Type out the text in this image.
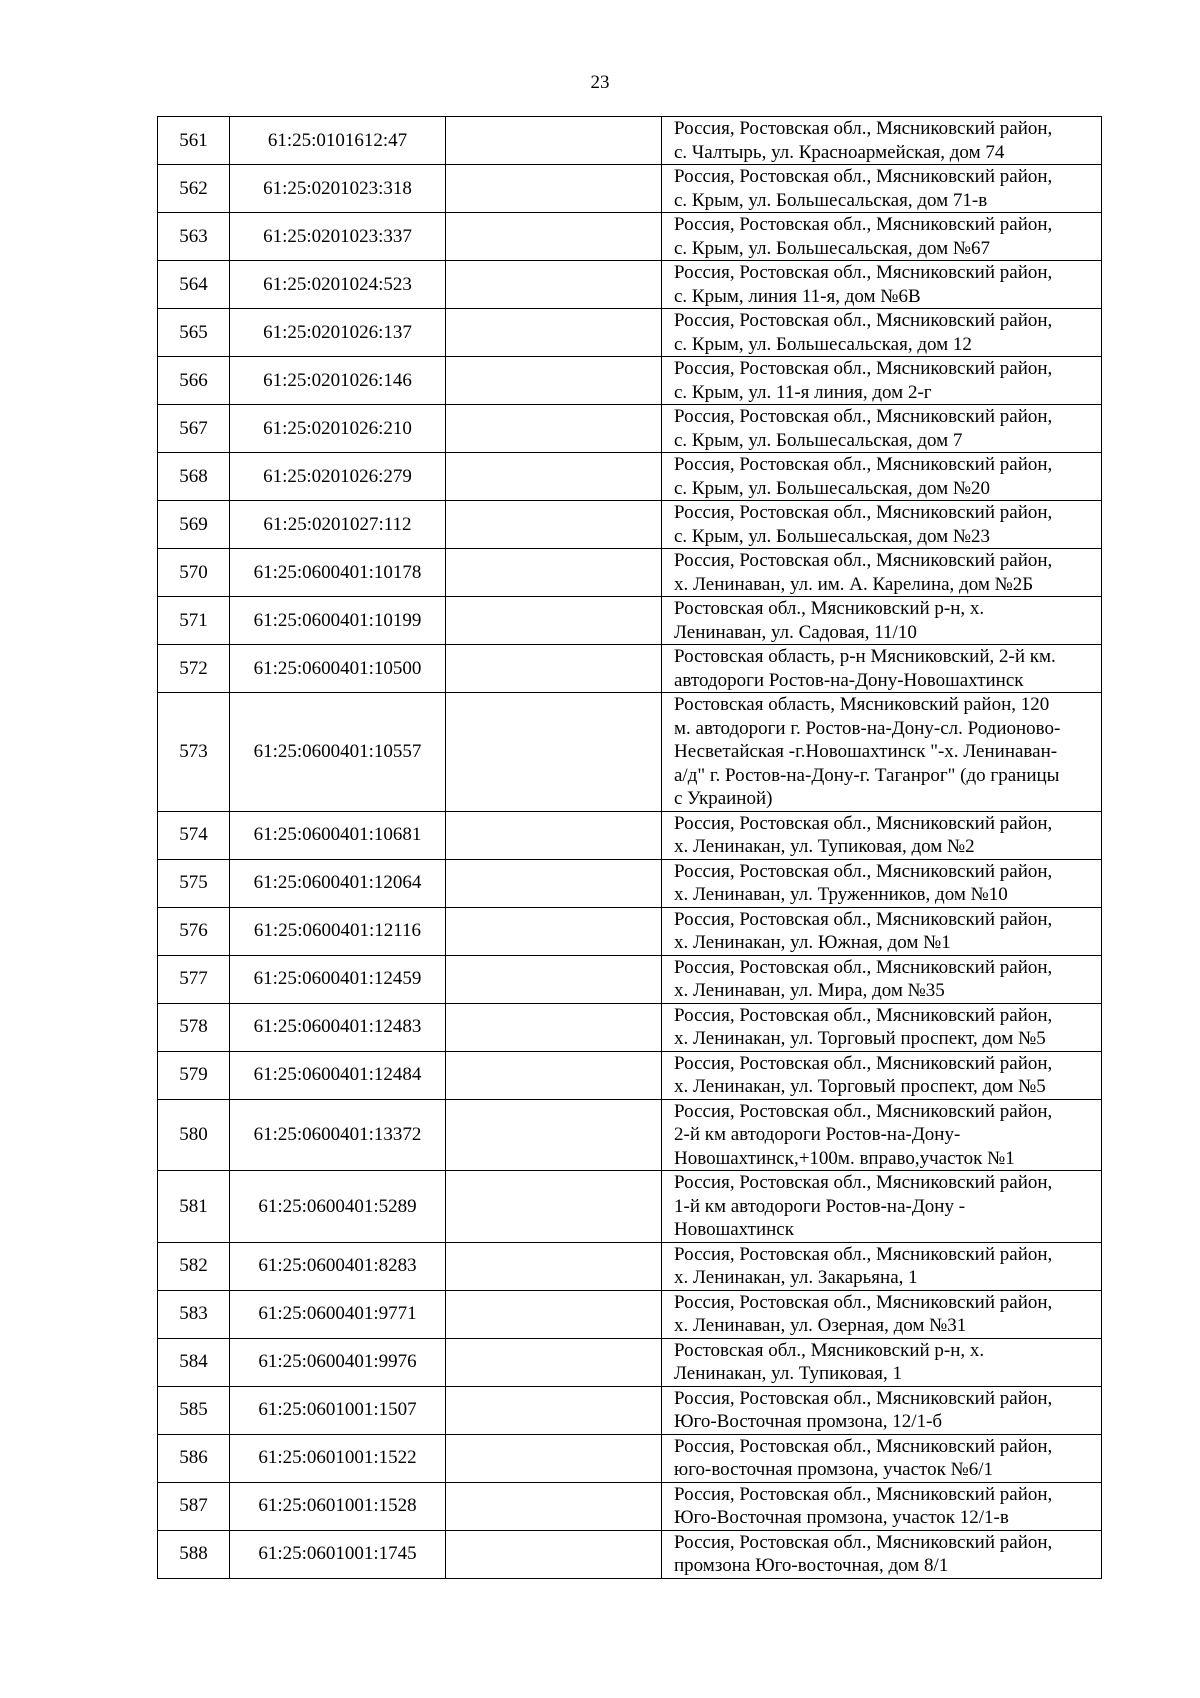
23
561	61:25:0101612:47		Россия, Ростовская обл., Мясниковский район,
с. Чалтырь, ул. Красноармейская, дом 74

562	61:25:0201023:318		Россия, Ростовская обл., Мясниковский район,
с. Крым, ул. Большесальская, дом 71-в

563	61:25:0201023:337		Россия, Ростовская обл., Мясниковский район,
с. Крым, ул. Большесальская, дом №67

564	61:25:0201024:523		Россия, Ростовская обл., Мясниковский район,
с. Крым, линия 11-я, дом №6В

565	61:25:0201026:137		Россия, Ростовская обл., Мясниковский район,
с. Крым, ул. Большесальская, дом 12

566	61:25:0201026:146		Россия, Ростовская обл., Мясниковский район,
с. Крым, ул. 11-я линия, дом 2-г

567	61:25:0201026:210		Россия, Ростовская обл., Мясниковский район,
с. Крым, ул. Большесальская, дом 7

568	61:25:0201026:279		Россия, Ростовская обл., Мясниковский район,
с. Крым, ул. Большесальская, дом №20

569	61:25:0201027:112		Россия, Ростовская обл., Мясниковский район,
с. Крым, ул. Большесальская, дом №23

570	61:25:0600401:10178		Россия, Ростовская обл., Мясниковский район,
х. Ленинаван, ул. им. А. Карелина, дом №2Б

571	61:25:0600401:10199		Ростовская обл., Мясниковский р-н, х.
Ленинаван, ул. Садовая, 11/10

572	61:25:0600401:10500		Ростовская область, р-н Мясниковский, 2-й км.
автодороги Ростов-на-Дону-Новошахтинск

573	61:25:0600401:10557		Ростовская область, Мясниковский район, 120
м. автодороги г. Ростов-на-Дону-сл. Родионово-
Несветайская -г.Новошахтинск "-х. Ленинаван-
а/д" г. Ростов-на-Дону-г. Таганрог" (до границы
с Украиной)

574	61:25:0600401:10681		Россия, Ростовская обл., Мясниковский район,
х. Ленинакан, ул. Тупиковая, дом №2

575	61:25:0600401:12064		Россия, Ростовская обл., Мясниковский район,
х. Ленинаван, ул. Труженников, дом №10

576	61:25:0600401:12116		Россия, Ростовская обл., Мясниковский район,
х. Ленинакан, ул. Южная, дом №1

577	61:25:0600401:12459		Россия, Ростовская обл., Мясниковский район,
х. Ленинаван, ул. Мира, дом №35

578	61:25:0600401:12483		Россия, Ростовская обл., Мясниковский район,
х. Ленинакан, ул. Торговый проспект, дом №5

579	61:25:0600401:12484		Россия, Ростовская обл., Мясниковский район,
х. Ленинакан, ул. Торговый проспект, дом №5

580	61:25:0600401:13372		Россия, Ростовская обл., Мясниковский район,
2-й км автодороги Ростов-на-Дону-
Новошахтинск,+100м. вправо,участок №1

581	61:25:0600401:5289		Россия, Ростовская обл., Мясниковский район,
1-й км автодороги Ростов-на-Дону -
Новошахтинск

582	61:25:0600401:8283		Россия, Ростовская обл., Мясниковский район,
х. Ленинакан, ул. Закарьяна, 1

583	61:25:0600401:9771		Россия, Ростовская обл., Мясниковский район,
х. Ленинаван, ул. Озерная, дом №31

584	61:25:0600401:9976		Ростовская обл., Мясниковский р-н, х.
Ленинакан, ул. Тупиковая, 1

585	61:25:0601001:1507		Россия, Ростовская обл., Мясниковский район,
Юго-Восточная промзона, 12/1-б

586	61:25:0601001:1522		Россия, Ростовская обл., Мясниковский район,
юго-восточная промзона, участок №6/1

587	61:25:0601001:1528		Россия, Ростовская обл., Мясниковский район,
Юго-Восточная промзона, участок 12/1-в

588	61:25:0601001:1745		Россия, Ростовская обл., Мясниковский район,
промзона Юго-восточная, дом 8/1
